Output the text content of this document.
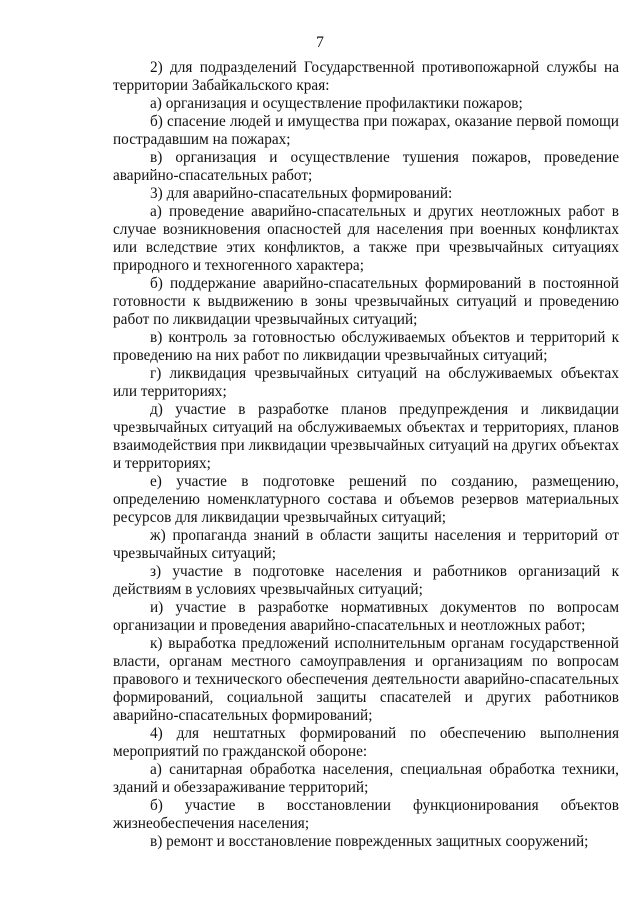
7

2) для подразделений Государственной противопожарной службы на территории Забайкальского края:

а) организация и осуществление профилактики пожаров;

б) спасение людей и имущества при пожарах, оказание первой помощи пострадавшим на пожарах;

в) организация и осуществление тушения пожаров, проведение аварийно-спасательных работ;

3) для аварийно-спасательных формирований:

а) проведение аварийно-спасательных и других неотложных работ в случае возникновения опасностей для населения при военных конфликтах или вследствие этих конфликтов, а также при чрезвычайных ситуациях природного и техногенного характера;

б) поддержание аварийно-спасательных формирований в постоянной готовности к выдвижению в зоны чрезвычайных ситуаций и проведению работ по ликвидации чрезвычайных ситуаций;

в) контроль за готовностью обслуживаемых объектов и территорий к проведению на них работ по ликвидации чрезвычайных ситуаций;

г) ликвидация чрезвычайных ситуаций на обслуживаемых объектах или территориях;

д) участие в разработке планов предупреждения и ликвидации чрезвычайных ситуаций на обслуживаемых объектах и территориях, планов взаимодействия при ликвидации чрезвычайных ситуаций на других объектах и территориях;

е) участие в подготовке решений по созданию, размещению, определению номенклатурного состава и объемов резервов материальных ресурсов для ликвидации чрезвычайных ситуаций;

ж) пропаганда знаний в области защиты населения и территорий от чрезвычайных ситуаций;

з) участие в подготовке населения и работников организаций к действиям в условиях чрезвычайных ситуаций;

и) участие в разработке нормативных документов по вопросам организации и проведения аварийно-спасательных и неотложных работ;

к) выработка предложений исполнительным органам государственной власти, органам местного самоуправления и организациям по вопросам правового и технического обеспечения деятельности аварийно-спасательных формирований, социальной защиты спасателей и других работников аварийно-спасательных формирований;

4) для нештатных формирований по обеспечению выполнения мероприятий по гражданской обороне:

а) санитарная обработка населения, специальная обработка техники, зданий и обеззараживание территорий;

б) участие в восстановлении функционирования объектов жизнеобеспечения населения;

в) ремонт и восстановление поврежденных защитных сооружений;
